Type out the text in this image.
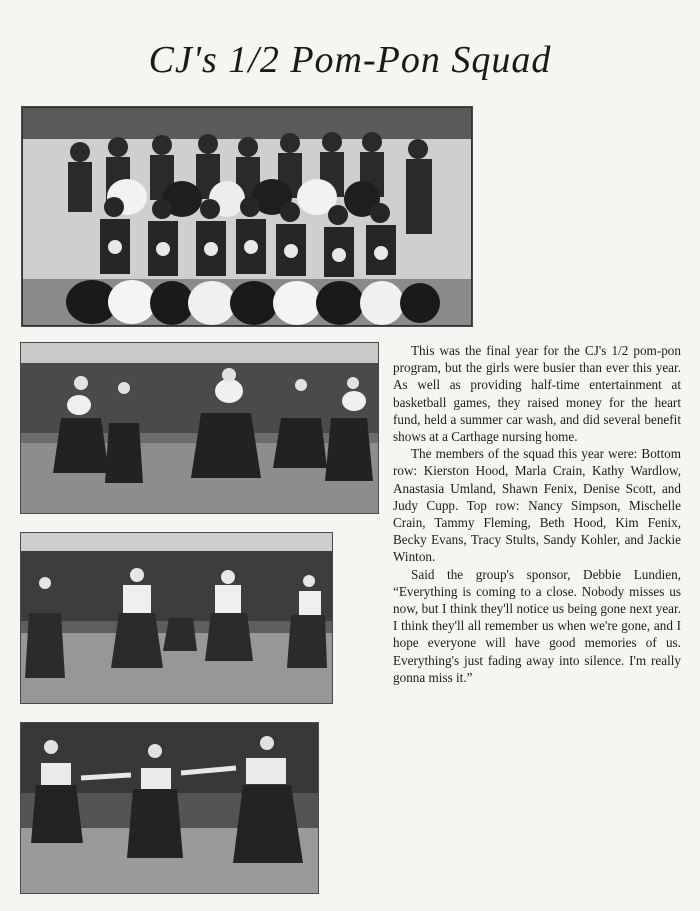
CJ's 1/2 Pom-Pon Squad

This was the final year for the CJ's 1/2 pom-pon program, but the girls were busier than ever this year. As well as providing half-time entertainment at basketball games, they raised money for the heart fund, held a summer car wash, and did several benefit shows at a Carthage nursing home.

The members of the squad this year were: Bottom row: Kierston Hood, Marla Crain, Kathy Wardlow, Anastasia Umland, Shawn Fenix, Denise Scott, and Judy Cupp. Top row: Nancy Simpson, Mischelle Crain, Tammy Fleming, Beth Hood, Kim Fenix, Becky Evans, Tracy Stults, Sandy Kohler, and Jackie Winton.

Said the group's sponsor, Debbie Lundien, “Everything is coming to a close. Nobody misses us now, but I think they'll notice us being gone next year. I think they'll all remember us when we're gone, and I hope everyone will have good memories of us. Everything's just fading away into silence. I'm really gonna miss it.”
